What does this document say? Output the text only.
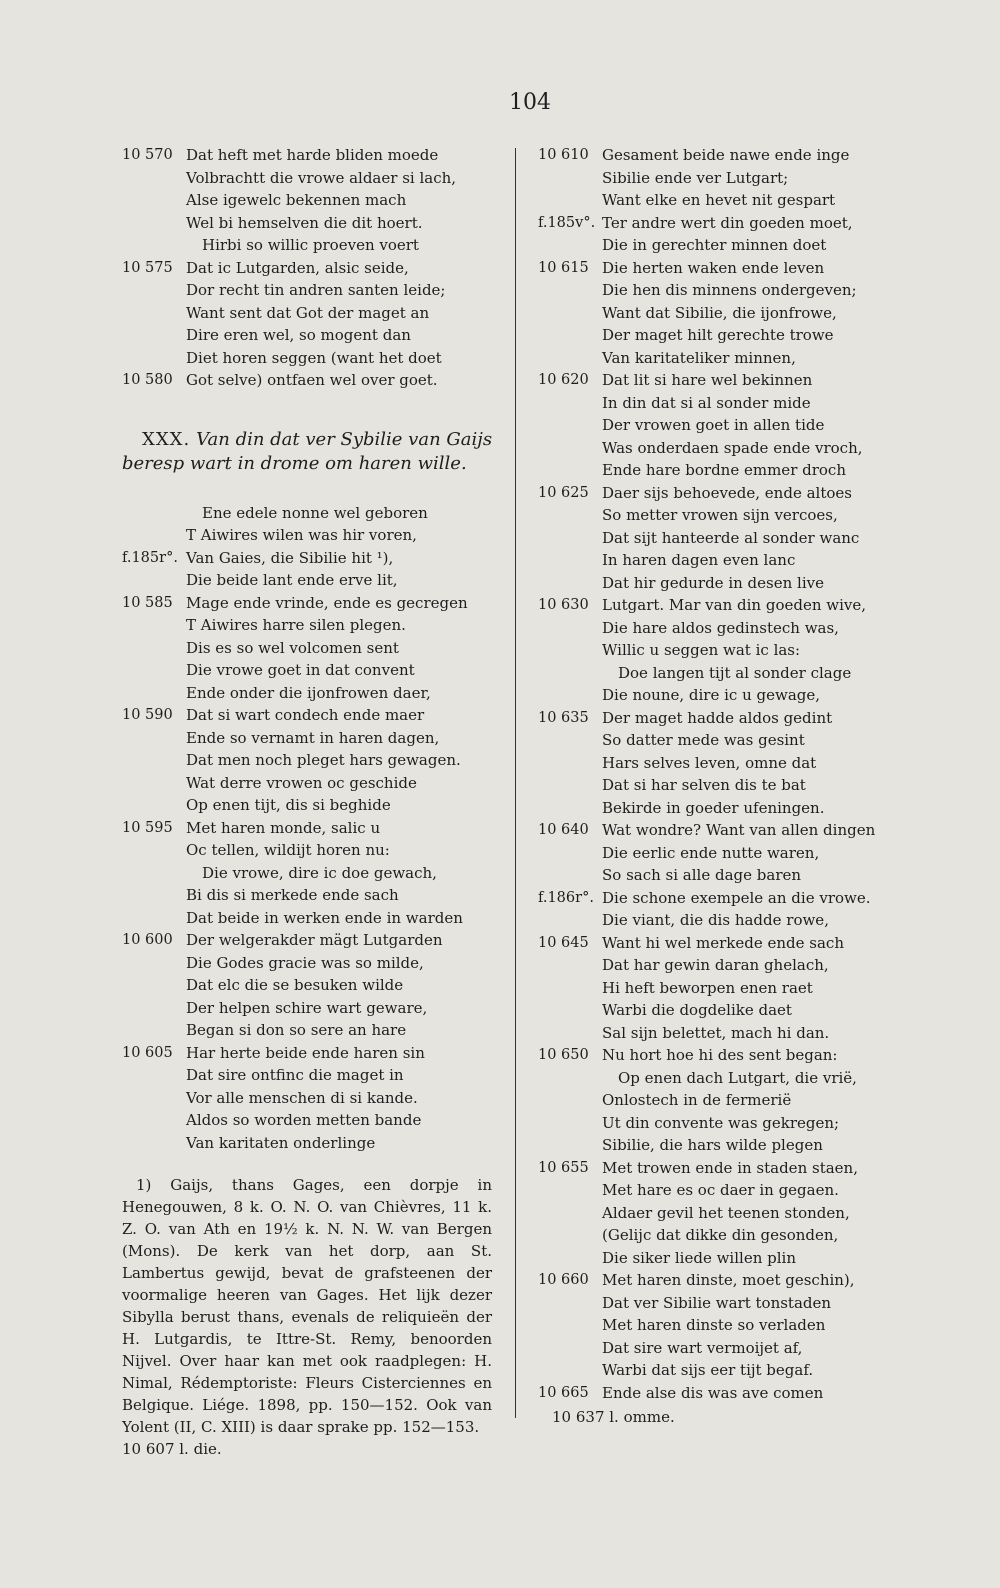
104
10 570 Dat heft met harde bliden moede
Volbrachtt die vrowe aldaer si lach,
Alse igewelc bekennen mach
Wel bi hemselven die dit hoert.
Hirbi so willic proeven voert
10 575 Dat ic Lutgarden, alsic seide,
Dor recht tin andren santen leide;
Want sent dat Got der maget an
Dire eren wel, so mogent dan
Diet horen seggen (want het doet
10 580 Got selve) ontfaen wel over goet.
XXX. Van din dat ver Sybilie van Gaijs
beresp wart in drome om haren wille.
Ene edele nonne wel geboren
T Aiwires wilen was hir voren,
f.185r°. Van Gaies, die Sibilie hit ¹),
Die beide lant ende erve lit,
10 585 Mage ende vrinde, ende es gecregen
T Aiwires harre silen plegen.
Dis es so wel volcomen sent
Die vrowe goet in dat convent
Ende onder die ijonfrowen daer,
10 590 Dat si wart condech ende maer
Ende so vernamt in haren dagen,
Dat men noch pleget hars gewagen.
Wat derre vrowen oc geschide
Op enen tijt, dis si beghide
10 595 Met haren monde, salic u
Oc tellen, wildijt horen nu:
Die vrowe, dire ic doe gewach,
Bi dis si merkede ende sach
Dat beide in werken ende in warden
10 600 Der welgerakder mägt Lutgarden
Die Godes gracie was so milde,
Dat elc die se besuken wilde
Der helpen schire wart geware,
Began si don so sere an hare
10 605 Har herte beide ende haren sin
Dat sire ontfinc die maget in
Vor alle menschen di si kande.
Aldos so worden metten bande
Van karitaten onderlinge

1) Gaijs, thans Gages, een dorpje in Henegouwen, 8 k. O. N. O. van Chièvres, 11 k. Z. O. van Ath en 19½ k. N. N. W. van Bergen (Mons). De kerk van het dorp, aan St. Lambertus gewijd, bevat de grafsteenen der voormalige heeren van Gages. Het lijk dezer Sibylla berust thans, evenals de reliquieën der H. Lutgardis, te Ittre-St. Remy, benoorden Nijvel. Over haar kan met ook raadplegen: H. Nimal, Rédemptoriste: Fleurs Cisterciennes en Belgique. Liége. 1898, pp. 150—152. Ook van Yolent (II, C. XIII) is daar sprake pp. 152—153.

10 607 l. die.

10 610 Gesament beide nawe ende inge
Sibilie ende ver Lutgart;
Want elke en hevet nit gespart
f.185v°. Ter andre wert din goeden moet,
Die in gerechter minnen doet
10 615 Die herten waken ende leven
Die hen dis minnens ondergeven;
Want dat Sibilie, die ijonfrowe,
Der maget hilt gerechte trowe
Van karitateliker minnen,
10 620 Dat lit si hare wel bekinnen
In din dat si al sonder mide
Der vrowen goet in allen tide
Was onderdaen spade ende vroch,
Ende hare bordne emmer droch
10 625 Daer sijs behoevede, ende altoes
So metter vrowen sijn vercoes,
Dat sijt hanteerde al sonder wanc
In haren dagen even lanc
Dat hir gedurde in desen live
10 630 Lutgart. Mar van din goeden wive,
Die hare aldos gedinstech was,
Willic u seggen wat ic las:
Doe langen tijt al sonder clage
Die noune, dire ic u gewage,
10 635 Der maget hadde aldos gedint
So datter mede was gesint
Hars selves leven, omne dat
Dat si har selven dis te bat
Bekirde in goeder ufeningen.
10 640 Wat wondre? Want van allen dingen
Die eerlic ende nutte waren,
So sach si alle dage baren
f.186r°. Die schone exempele an die vrowe.
Die viant, die dis hadde rowe,
10 645 Want hi wel merkede ende sach
Dat har gewin daran ghelach,
Hi heft beworpen enen raet
Warbi die dogdelike daet
Sal sijn belettet, mach hi dan.
10 650 Nu hort hoe hi des sent began:
Op enen dach Lutgart, die vrië,
Onlostech in de fermerië
Ut din convente was gekregen;
Sibilie, die hars wilde plegen
10 655 Met trowen ende in staden staen,
Met hare es oc daer in gegaen.
Aldaer gevil het teenen stonden,
(Gelijc dat dikke din gesonden,
Die siker liede willen plin
10 660 Met haren dinste, moet geschin),
Dat ver Sibilie wart tonstaden
Met haren dinste so verladen
Dat sire wart vermoijet af,
Warbi dat sijs eer tijt begaf.
10 665 Ende alse dis was ave comen
10 637 l. omme.
